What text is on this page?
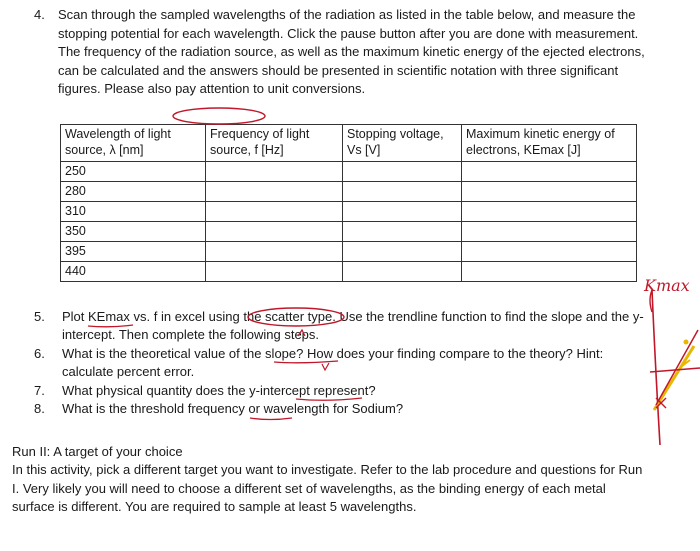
4. Scan through the sampled wavelengths of the radiation as listed in the table below, and measure the stopping potential for each wavelength. Click the pause button after you are done with measurement. The frequency of the radiation source, as well as the maximum kinetic energy of the ejected electrons, can be calculated and the answers should be presented in scientific notation with three significant figures. Please also pay attention to unit conversions.
Wavelength of light source, λ [nm]	Frequency of light source, f [Hz]	Stopping voltage, Vs [V]	Maximum kinetic energy of electrons, KEmax [J]
250			
280			
310			
350			
395			
440			
5. Plot KEmax vs. f in excel using the scatter type. Use the trendline function to find the slope and the y-intercept. Then complete the following steps.
6. What is the theoretical value of the slope? How does your finding compare to the theory? Hint: calculate percent error.
7. What physical quantity does the y-intercept represent?
8. What is the threshold frequency or wavelength for Sodium?
Run II: A target of your choice
In this activity, pick a different target you want to investigate. Refer to the lab procedure and questions for Run I. Very likely you will need to choose a different set of wavelengths, as the binding energy of each metal surface is different. You are required to sample at least 5 wavelengths.
Kmax
